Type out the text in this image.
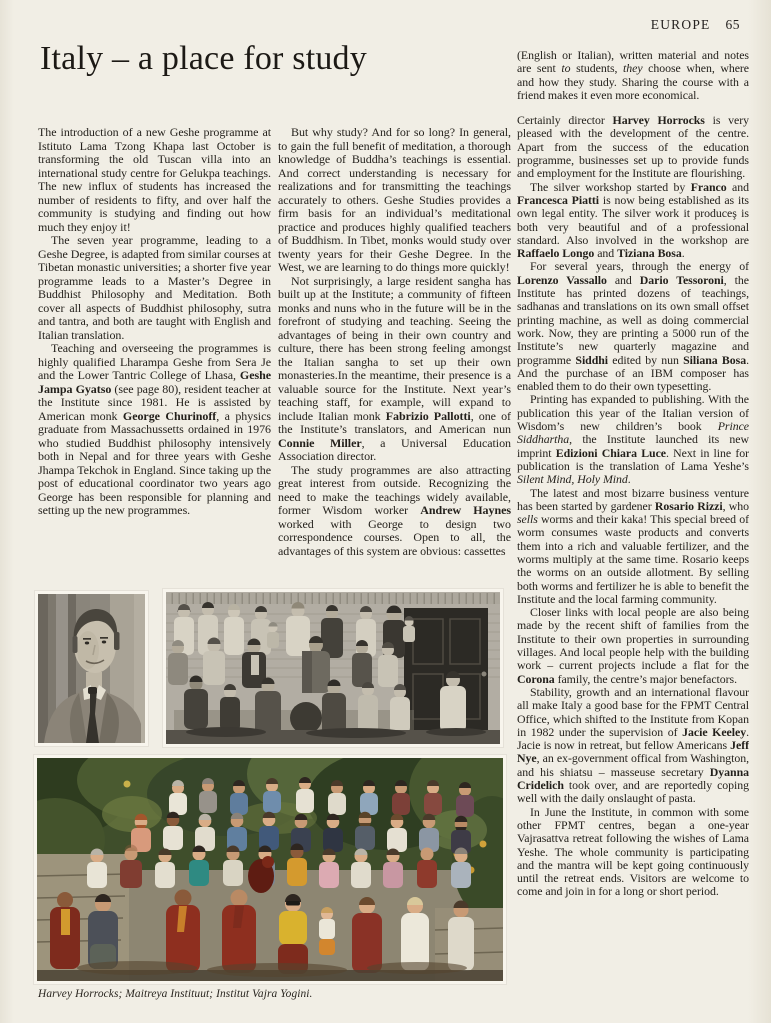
EUROPE 65
Italy – a place for study

The introduction of a new Geshe programme at Istituto Lama Tzong Khapa last October is transforming the old Tuscan villa into an international study centre for Gelukpa teachings. The new influx of students has increased the number of residents to fifty, and over half the community is studying and finding out how much they enjoy it!

The seven year programme, leading to a Geshe Degree, is adapted from similar courses at Tibetan monastic universities; a shorter five year programme leads to a Master’s Degree in Buddhist Philosophy and Meditation. Both cover all aspects of Buddhist philosophy, sutra and tantra, and both are taught with English and Italian translation.

Teaching and overseeing the programmes is highly qualified Lharampa Geshe from Sera Je and the Lower Tantric College of Lhasa, Geshe Jampa Gyatso (see page 80), resident teacher at the Institute since 1981. He is assisted by American monk George Churinoff, a physics graduate from Massachussetts ordained in 1976 who studied Buddhist philosophy intensively both in Nepal and for three years with Geshe Jhampa Tekchok in England. Since taking up the post of educational coordinator two years ago George has been responsible for planning and setting up the new programmes.

But why study? And for so long? In general, to gain the full benefit of meditation, a thorough knowledge of Buddha’s teachings is essential. And correct understanding is necessary for realizations and for transmitting the teachings accurately to others. Geshe Studies provides a firm basis for an individual’s meditational practice and produces highly qualified teachers of Buddhism. In Tibet, monks would study over twenty years for their Geshe Degree. In the West, we are learning to do things more quickly!

Not surprisingly, a large resident sangha has built up at the Institute; a community of fifteen monks and nuns who in the future will be in the forefront of studying and teaching. Seeing the advantages of being in their own country and culture, there has been strong feeling amongst the Italian sangha to set up their own monasteries.In the meantime, their presence is a valuable source for the Institute. Next year’s teaching staff, for example, will expand to include Italian monk Fabrizio Pallotti, one of the Institute’s translators, and American nun Connie Miller, a Universal Education Association director.

The study programmes are also attracting great interest from outside. Recognizing the need to make the teachings widely available, former Wisdom worker Andrew Haynes worked with George to design two correspondence courses. Open to all, the advantages of this system are obvious: cassettes

(English or Italian), written material and notes are sent to students, they choose when, where and how they study. Sharing the course with a friend makes it even more economical.

Certainly director Harvey Horrocks is very pleased with the development of the centre. Apart from the success of the education programme, businesses set up to provide funds and employment for the Institute are flourishing.

The silver workshop started by Franco and Francesca Piatti is now being established as its own legal entity. The silver work it produceş is both very beautiful and of a professional standard. Also involved in the workshop are Raffaelo Longo and Tiziana Bosa.

For several years, through the energy of Lorenzo Vassallo and Dario Tessoroni, the Institute has printed dozens of teachings, sadhanas and translations on its own small offset printing machine, as well as doing commercial work. Now, they are printing a 5000 run of the Institute’s new quarterly magazine and programme Siddhi edited by nun Siliana Bosa. And the purchase of an IBM composer has enabled them to do their own typesetting.

Printing has expanded to publishing. With the publication this year of the Italian version of Wisdom’s new children’s book Prince Siddhartha, the Institute launched its new imprint Edizioni Chiara Luce. Next in line for publication is the translation of Lama Yeshe’s Silent Mind, Holy Mind.

The latest and most bizarre business venture has been started by gardener Rosario Rizzi, who sells worms and their kaka! This special breed of worm consumes waste products and converts them into a rich and valuable fertilizer, and the worms multiply at the same time. Rosario keeps the worms on an outside allotment. By selling both worms and fertilizer he is able to benefit the Institute and the local farming community.

Closer links with local people are also being made by the recent shift of families from the Institute to their own properties in surrounding villages. And local people help with the building work – current projects include a flat for the Corona family, the centre’s major benefactors.

Stability, growth and an international flavour all make Italy a good base for the FPMT Central Office, which shifted to the Institute from Kopan in 1982 under the supervision of Jacie Keeley. Jacie is now in retreat, but fellow Americans Jeff Nye, an ex-government offical from Washington, and his shiatsu – masseuse secretary Dyanna Cridelich took over, and are reportedly coping well with the daily onslaught of pasta.

In June the Institute, in common with some other FPMT centres, began a one-year Vajrasattva retreat following the wishes of Lama Yeshe. The whole community is participating and the mantra will be kept going continuously until the retreat ends. Visitors are welcome to come and join in for a long or short period.

Harvey Horrocks; Maitreya Instituut; Institut Vajra Yogini.
